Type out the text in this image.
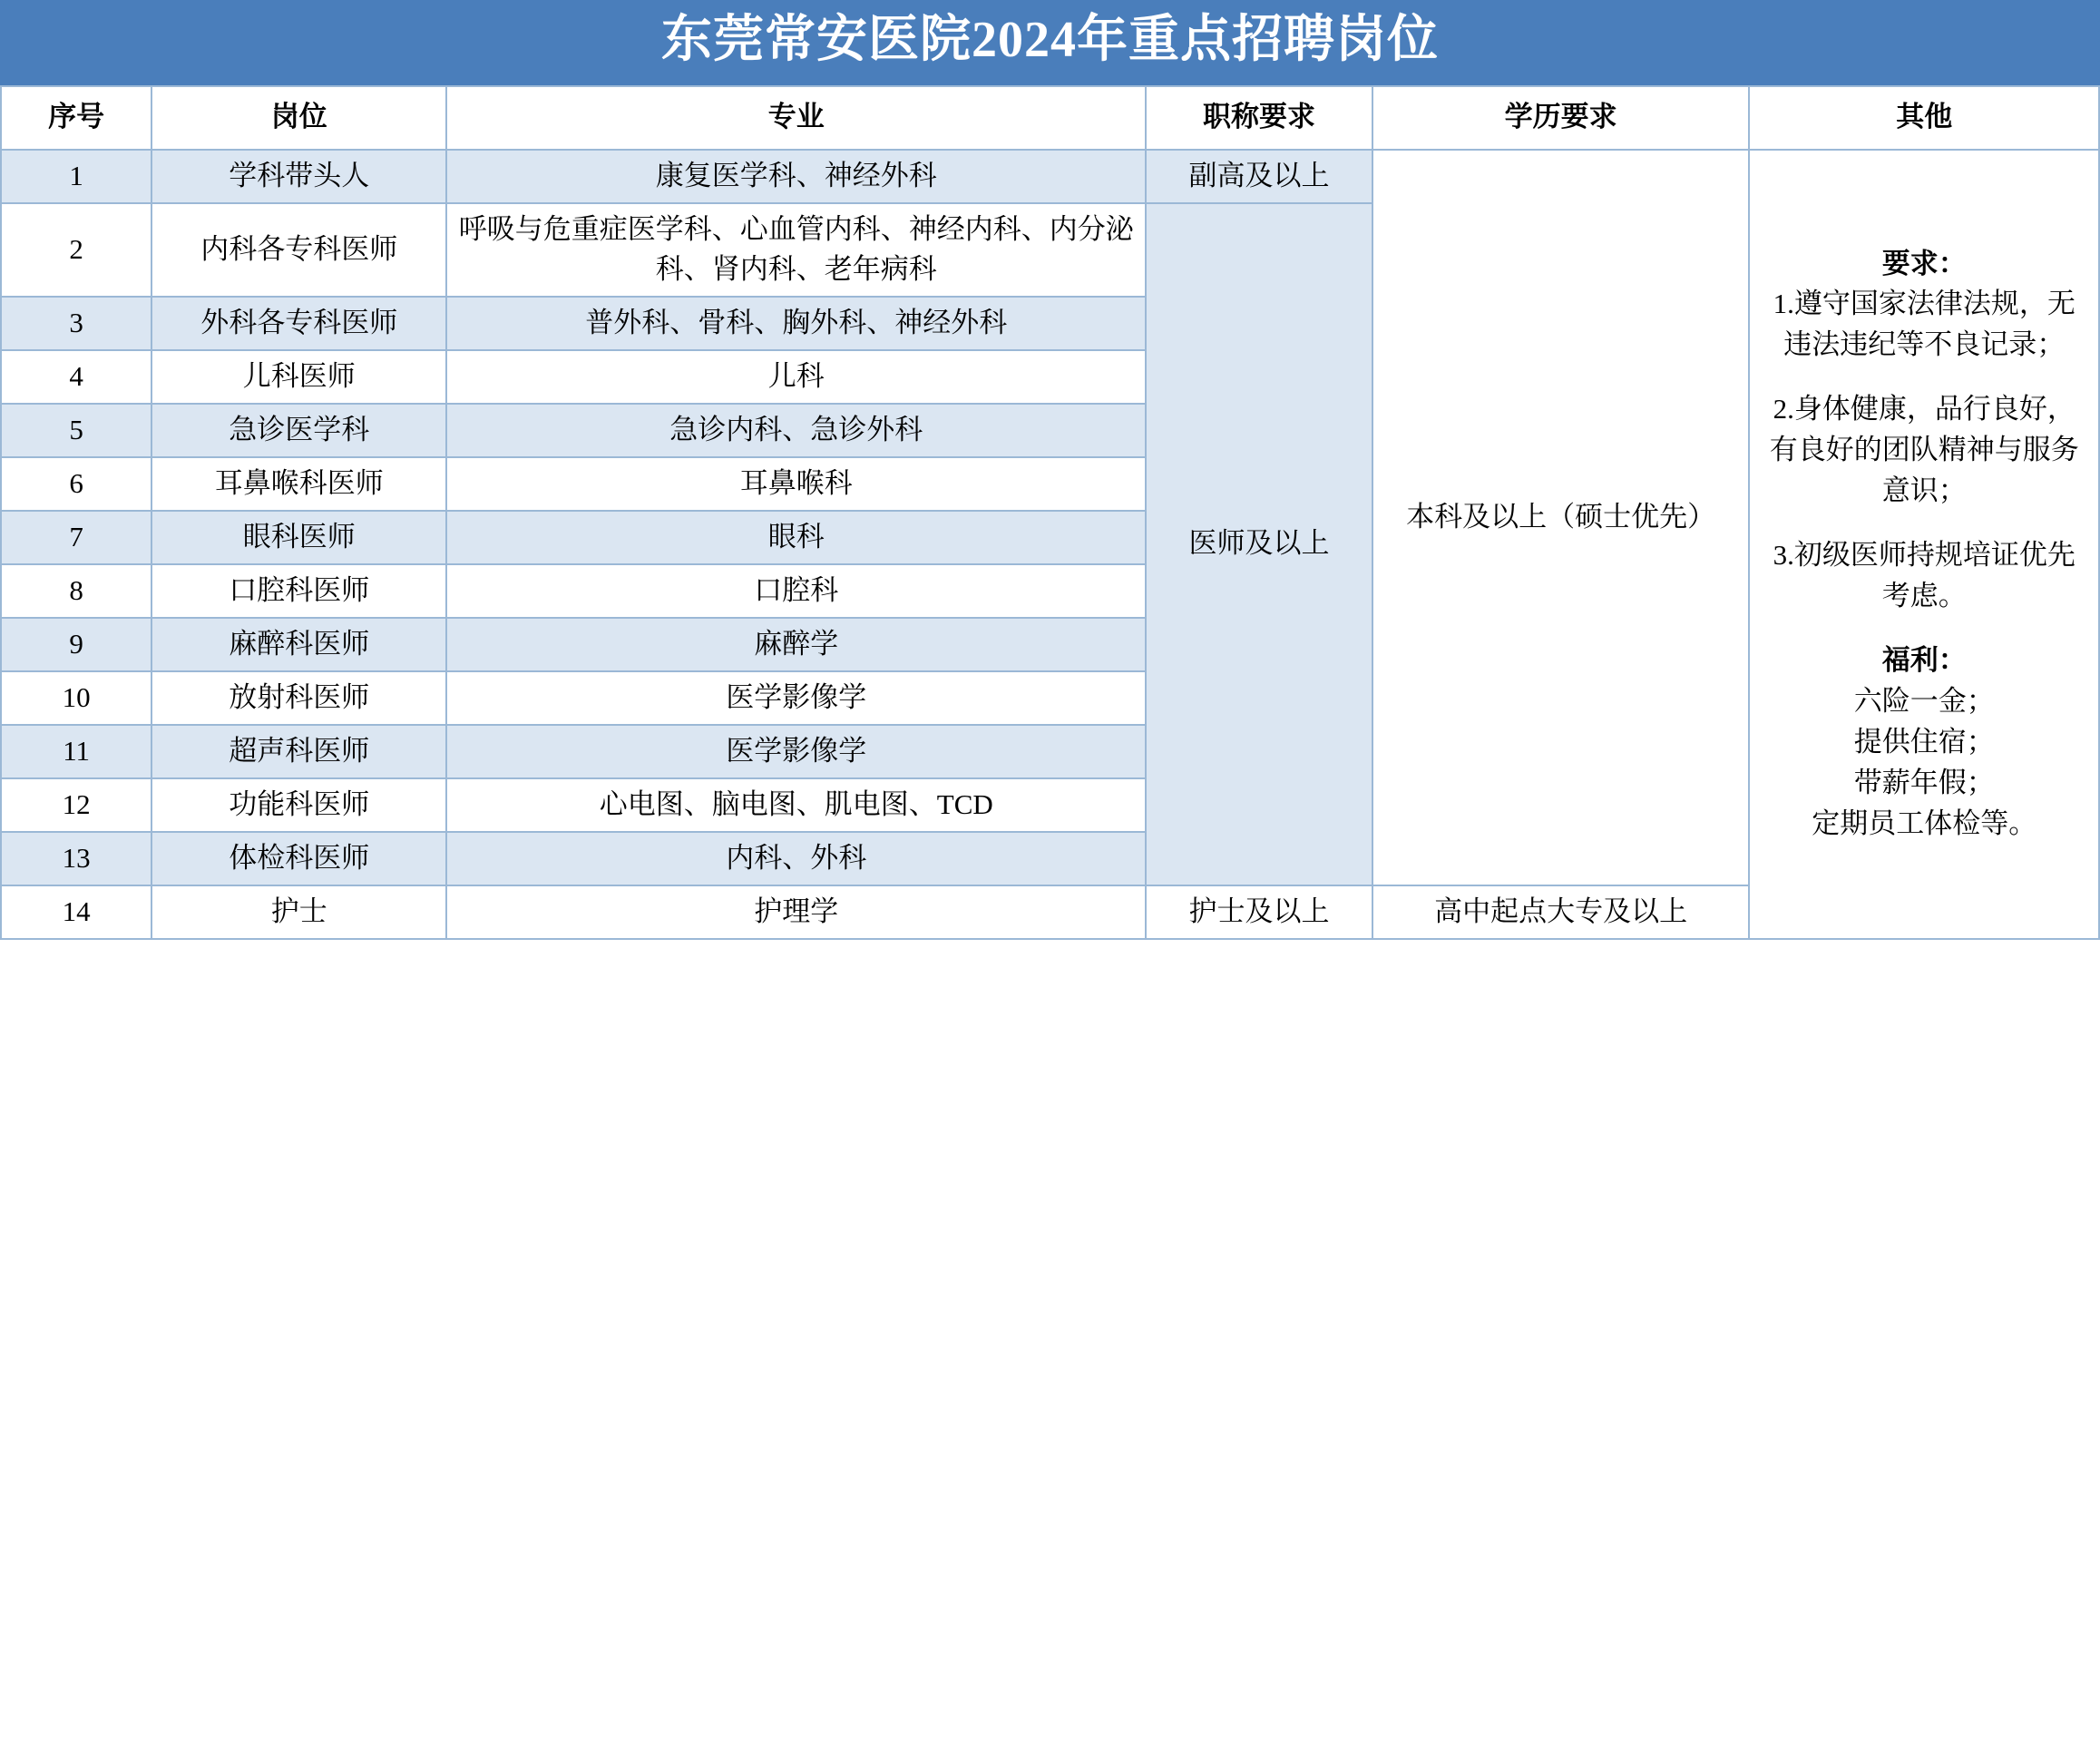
东莞常安医院2024年重点招聘岗位
序号	岗位	专业	职称要求	学历要求	其他
1	学科带头人	康复医学科、神经外科	副高及以上	本科及以上（硕士优先）	
要求：
1.遵守国家法律法规，无违法违纪等不良记录；
2.身体健康，品行良好，有良好的团队精神与服务意识；
3.初级医师持规培证优先考虑。
福利：
六险一金；
提供住宿；
带薪年假；
定期员工体检等。

2	内科各专科医师	呼吸与危重症医学科、心血管内科、神经内科、内分泌科、肾内科、老年病科	医师及以上		
3	外科各专科医师	普外科、骨科、胸外科、神经外科			
4	儿科医师	儿科			
5	急诊医学科	急诊内科、急诊外科			
6	耳鼻喉科医师	耳鼻喉科			
7	眼科医师	眼科			
8	口腔科医师	口腔科			
9	麻醉科医师	麻醉学			
10	放射科医师	医学影像学			
11	超声科医师	医学影像学			
12	功能科医师	心电图、脑电图、肌电图、TCD			
13	体检科医师	内科、外科			
14	护士	护理学	护士及以上	高中起点大专及以上	
